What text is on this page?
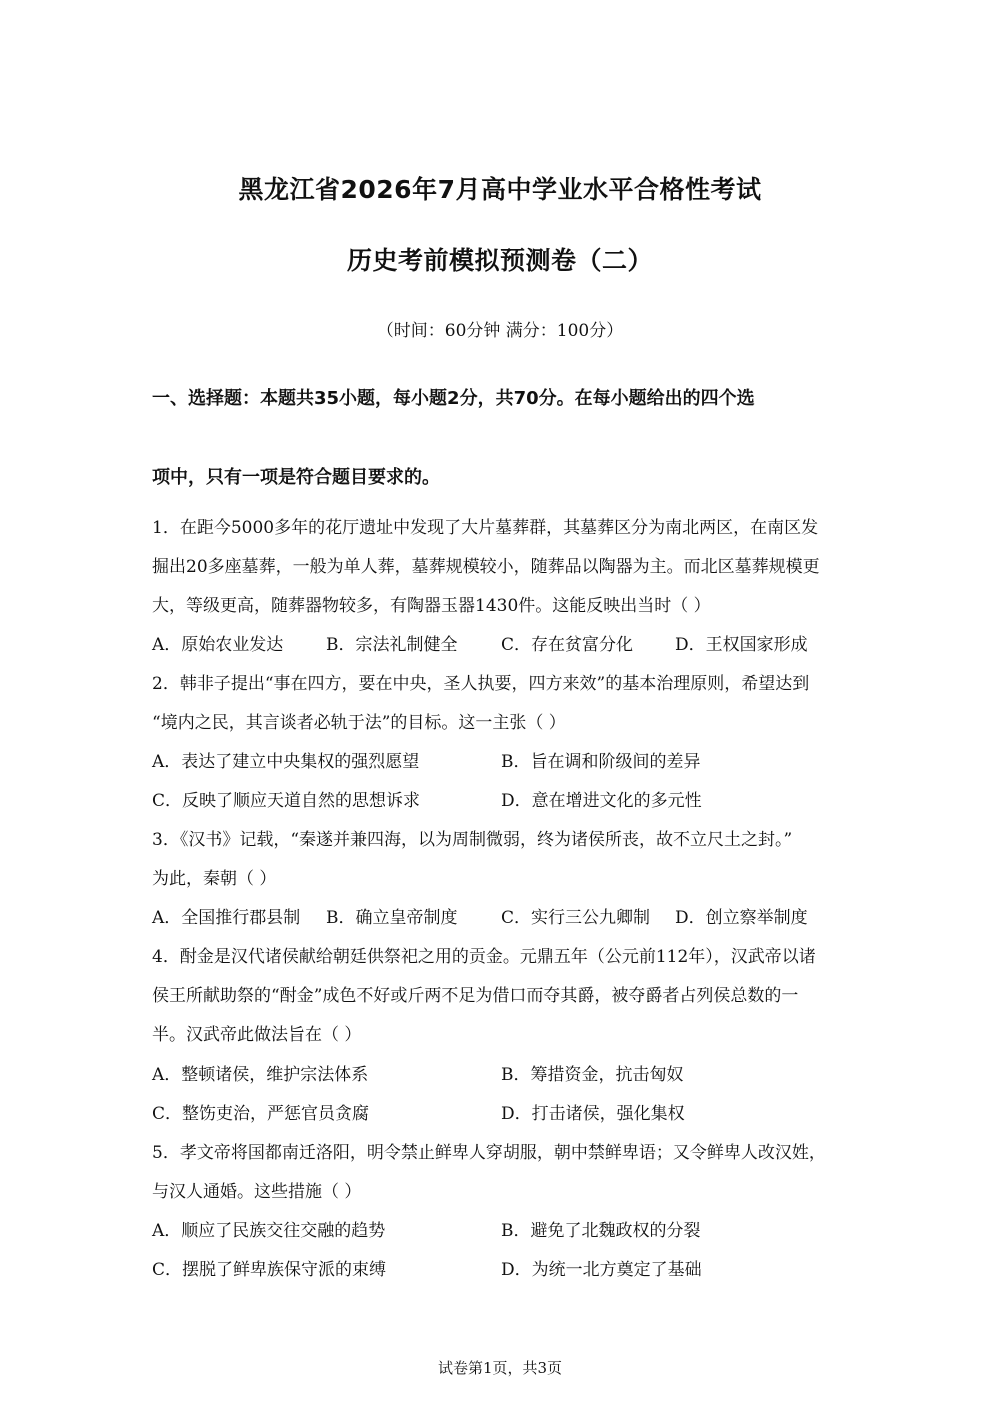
黑龙江省2026年7月高中学业水平合格性考试
历史考前模拟预测卷（二）
（时间：60分钟 满分：100分）
一、选择题：本题共35小题，每小题2分，共70分。在每小题给出的四个选
项中，只有一项是符合题目要求的。
1．在距今5000多年的花厅遗址中发现了大片墓葬群，其墓葬区分为南北两区，在南区发
掘出20多座墓葬，一般为单人葬，墓葬规模较小，随葬品以陶器为主。而北区墓葬规模更
大，等级更高，随葬器物较多，有陶器玉器1430件。这能反映出当时（ ）
A．原始农业发达	B．宗法礼制健全	C．存在贫富分化 D．王权国家形成
2．韩非子提出“事在四方，要在中央，圣人执要，四方来效”的基本治理原则，希望达到
“境内之民，其言谈者必轨于法”的目标。这一主张（ ）
A．表达了建立中央集权的强烈愿望	B．旨在调和阶级间的差异
C．反映了顺应天道自然的思想诉求	D．意在增进文化的多元性
3．《汉书》记载，“秦遂并兼四海，以为周制微弱，终为诸侯所丧，故不立尺土之封。”
为此，秦朝（ ）
A．全国推行郡县制 B．确立皇帝制度	C．实行三公九卿制 D．创立察举制度
4．酎金是汉代诸侯献给朝廷供祭祀之用的贡金。元鼎五年（公元前112年），汉武帝以诸
侯王所献助祭的“酎金”成色不好或斤两不足为借口而夺其爵，被夺爵者占列侯总数的一
半。汉武帝此做法旨在（ ）
A．整顿诸侯，维护宗法体系	B．筹措资金，抗击匈奴
C．整饬吏治，严惩官员贪腐	D．打击诸侯，强化集权
5．孝文帝将国都南迁洛阳，明令禁止鲜卑人穿胡服，朝中禁鲜卑语；又令鲜卑人改汉姓，
与汉人通婚。这些措施（ ）
A．顺应了民族交往交融的趋势	B．避免了北魏政权的分裂
C．摆脱了鲜卑族保守派的束缚	D．为统一北方奠定了基础
试卷第1页，共3页
